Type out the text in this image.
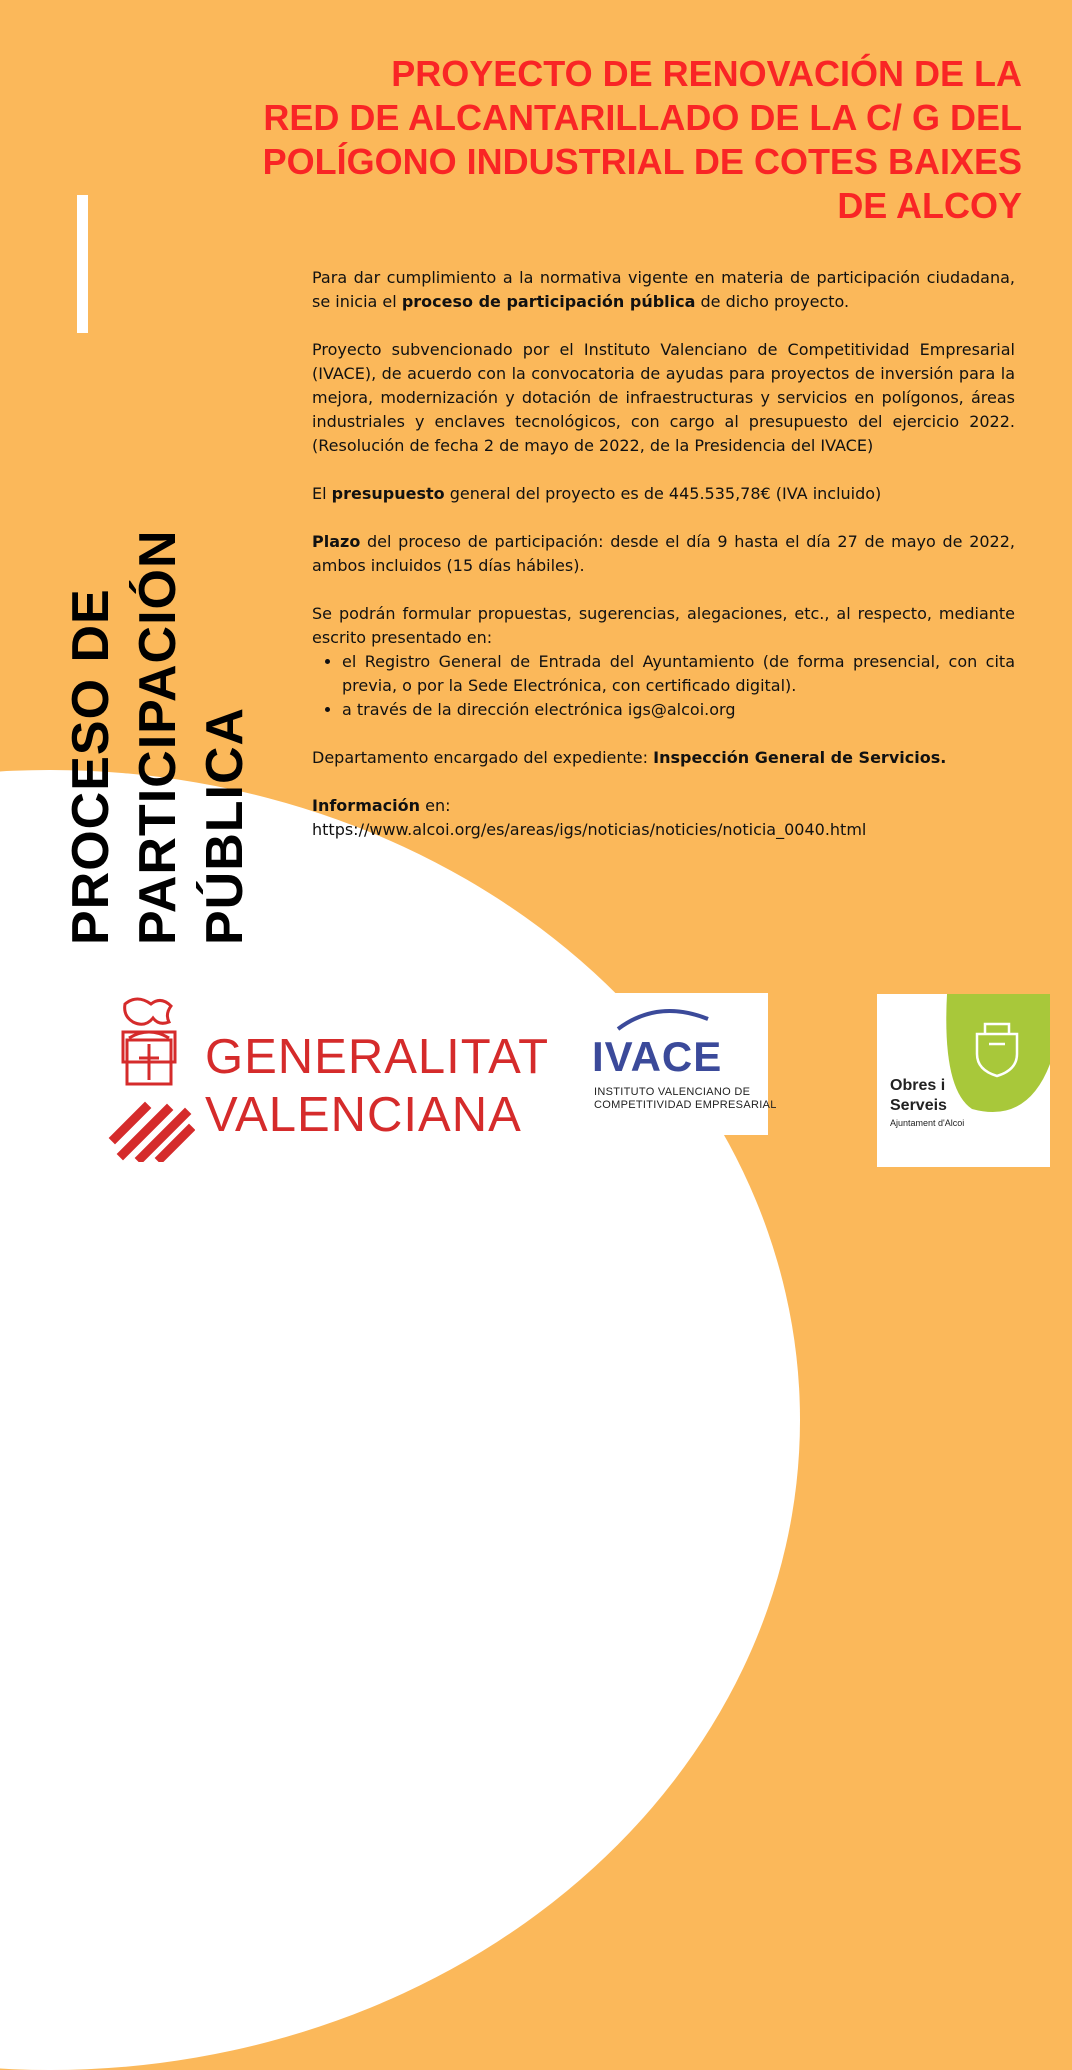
PROYECTO DE RENOVACIÓN DE LA
RED DE ALCANTARILLADO DE LA C/ G DEL
POLÍGONO INDUSTRIAL DE COTES BAIXES
DE ALCOY
PROCESO DE PARTICIPACIÓN PÚBLICA

Para dar cumplimiento a la normativa vigente en materia de participación ciudadana, se inicia el proceso de participación pública de dicho proyecto.

Proyecto subvencionado por el Instituto Valenciano de Competitividad Empresarial (IVACE), de acuerdo con la convocatoria de ayudas para proyectos de inversión para la mejora, modernización y dotación de infraestructuras y servicios en polígonos, áreas industriales y enclaves tecnológicos, con cargo al presupuesto del ejercicio 2022. (Resolución de fecha 2 de mayo de 2022, de la Presidencia del IVACE)

El presupuesto general del proyecto es de 445.535,78€ (IVA incluido)

Plazo del proceso de participación: desde el día 9 hasta el día 27 de mayo de 2022, ambos incluidos (15 días hábiles).

Se podrán formular propuestas, sugerencias, alegaciones, etc., al respecto, mediante escrito presentado en:

• el Registro General de Entrada del Ayuntamiento (de forma presencial, con cita previa, o por la Sede Electrónica, con certificado digital).
• a través de la dirección electrónica igs@alcoi.org

Departamento encargado del expediente: Inspección General de Servicios.

Información en:
https://www.alcoi.org/es/areas/igs/noticias/noticies/noticia_0040.html

GENERALITAT
VALENCIANA
IVACE
INSTITUTO VALENCIANO DE
COMPETITIVIDAD EMPRESARIAL
Obres i
Serveis
Ajuntament d'Alcoi
